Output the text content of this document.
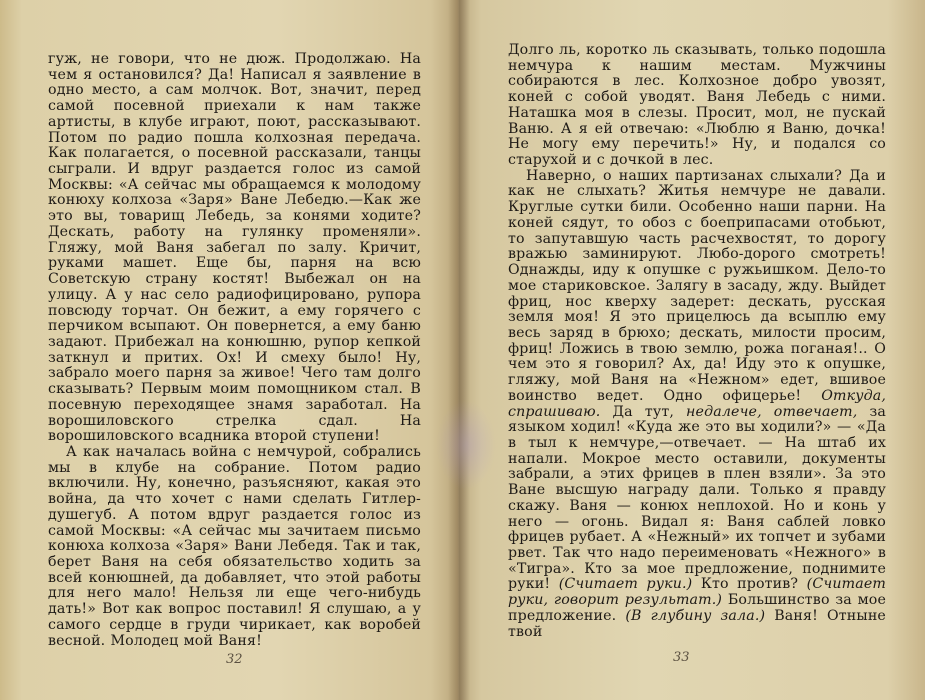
гуж, не говори, что не дюж. Продолжаю. На чем я остановился? Да! Написал я заявление в одно место, а сам молчок. Вот, значит, перед самой посевной приехали к нам также артисты, в клубе играют, поют, рассказывают. Потом по радио пошла колхозная передача. Как полагается, о посевной рассказали, танцы сыграли. И вдруг раздается голос из самой Москвы: «А сейчас мы обращаемся к молодому конюху колхоза «Заря» Ване Лебедю.—Как же это вы, товарищ Лебедь, за конями ходите? Дескать, работу на гулянку променяли». Гляжу, мой Ваня забегал по залу. Кричит, руками машет. Еще бы, парня на всю Советскую страну костят! Выбежал он на улицу. А у нас село радиофицировано, рупора повсюду торчат. Он бежит, а ему горячего с перчиком всыпают. Он повернется, а ему баню задают. Прибежал на конюшню, рупор кепкой заткнул и притих. Ох! И смеху было! Ну, забрало моего парня за живое! Чего там долго сказывать? Первым моим помощником стал. В посевную переходящее знамя заработал. На ворошиловского стрелка сдал. На ворошиловского всадника второй ступени!

А как началась война с немчурой, собрались мы в клубе на собрание. Потом радио включили. Ну, конечно, разъясняют, какая это война, да что хочет с нами сделать Гитлер-душегуб. А потом вдруг раздается голос из самой Москвы: «А сейчас мы зачитаем письмо конюха колхоза «Заря» Вани Лебедя. Так и так, берет Ваня на себя обязательство ходить за всей конюшней, да добавляет, что этой работы для него мало! Нельзя ли еще чего-нибудь дать!» Вот как вопрос поставил! Я слушаю, а у самого сердце в груди чирикает, как воробей весной. Молодец мой Ваня!

32

Долго ль, коротко ль сказывать, только подошла немчура к нашим местам. Мужчины собираются в лес. Колхозное добро увозят, коней с собой уводят. Ваня Лебедь с ними. Наташка моя в слезы. Просит, мол, не пускай Ваню. А я ей отвечаю: «Люблю я Ваню, дочка! Не могу ему перечить!» Ну, и подался со старухой и с дочкой в лес.

Наверно, о наших партизанах слыхали? Да и как не слыхать? Житья немчуре не давали. Круглые сутки били. Особенно наши парни. На коней сядут, то обоз с боеприпасами отобьют, то запутавшую часть расчехвостят, то дорогу вражью заминируют. Любо-дорого смотреть! Однажды, иду к опушке с ружьишком. Дело-то мое стариковское. Залягу в засаду, жду. Выйдет фриц, нос кверху задерет: дескать, русская земля моя! Я это прицелюсь да всыплю ему весь заряд в брюхо; дескать, милости просим, фриц! Ложись в твою землю, рожа поганая!.. О чем это я говорил? Ах, да! Иду это к опушке, гляжу, мой Ваня на «Нежном» едет, вшивое воинство ведет. Одно офицерье! Откуда, спрашиваю. Да тут, недалече, отвечает, за языком ходил! «Куда же это вы ходили?» — «Да в тыл к немчуре,—отвечает. — На штаб их напали. Мокрое место оставили, документы забрали, а этих фрицев в плен взяли». За это Ване высшую награду дали. Только я правду скажу. Ваня — конюх неплохой. Но и конь у него — огонь. Видал я: Ваня саблей ловко фрицев рубает. А «Нежный» их топчет и зубами рвет. Так что надо переименовать «Нежного» в «Тигра». Кто за мое предложение, поднимите руки! (Считает руки.) Кто против? (Считает руки, говорит результат.) Большинство за мое предложение. (В глубину зала.) Ваня! Отныне твой

33
